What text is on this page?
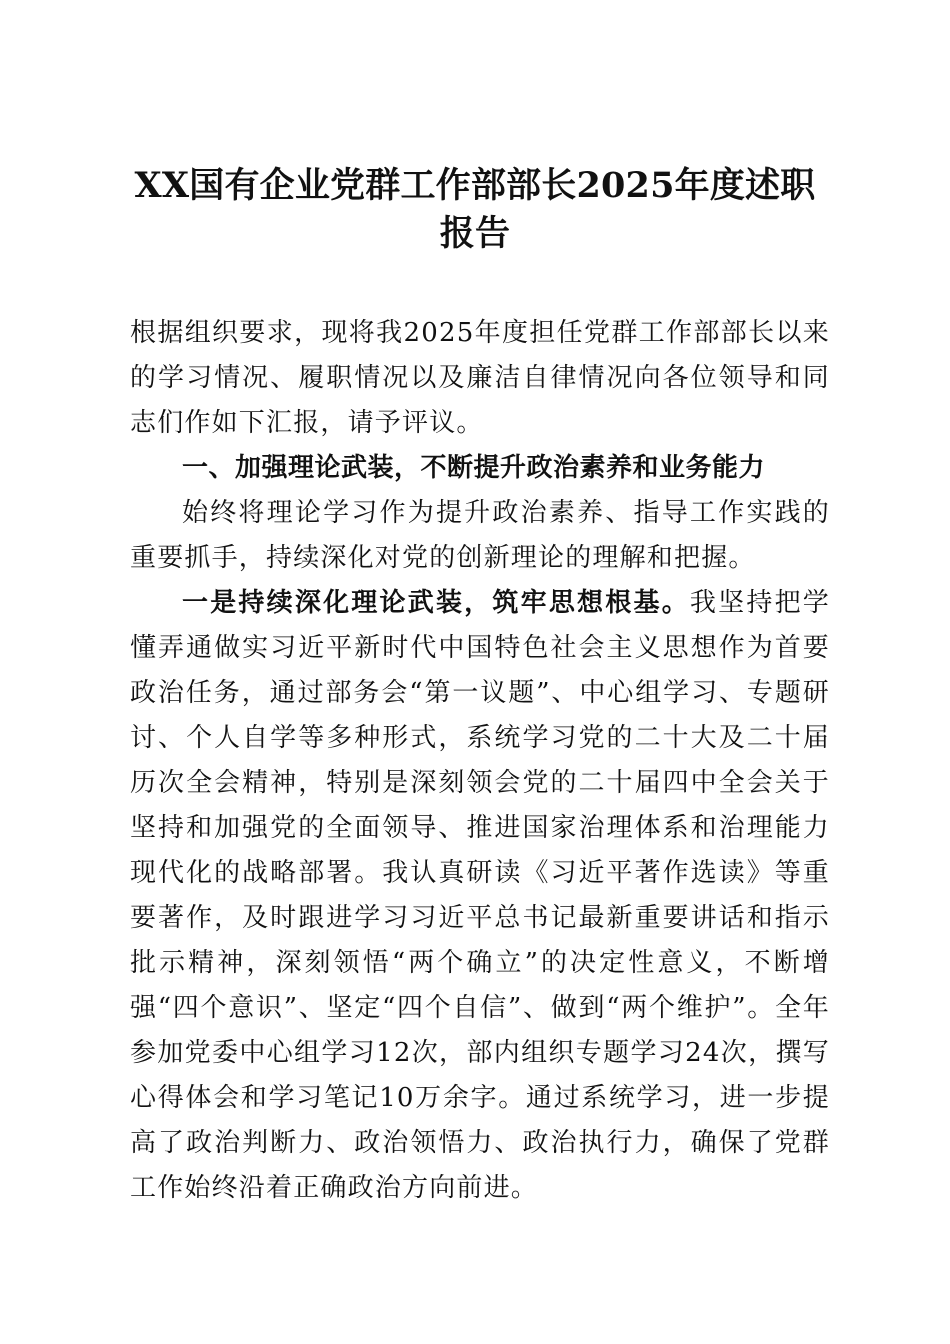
XX国有企业党群工作部部长2025年度述职报告

根据组织要求，现将我2025年度担任党群工作部部长以来的学习情况、履职情况以及廉洁自律情况向各位领导和同志们作如下汇报，请予评议。

一、加强理论武装，不断提升政治素养和业务能力

始终将理论学习作为提升政治素养、指导工作实践的重要抓手，持续深化对党的创新理论的理解和把握。

一是持续深化理论武装，筑牢思想根基。我坚持把学懂弄通做实习近平新时代中国特色社会主义思想作为首要政治任务，通过部务会“第一议题”、中心组学习、专题研讨、个人自学等多种形式，系统学习党的二十大及二十届历次全会精神，特别是深刻领会党的二十届四中全会关于坚持和加强党的全面领导、推进国家治理体系和治理能力现代化的战略部署。我认真研读《习近平著作选读》等重要著作，及时跟进学习习近平总书记最新重要讲话和指示批示精神，深刻领悟“两个确立”的决定性意义，不断增强“四个意识”、坚定“四个自信”、做到“两个维护”。全年参加党委中心组学习12次，部内组织专题学习24次，撰写心得体会和学习笔记10万余字。通过系统学习，进一步提高了政治判断力、政治领悟力、政治执行力，确保了党群工作始终沿着正确政治方向前进。
